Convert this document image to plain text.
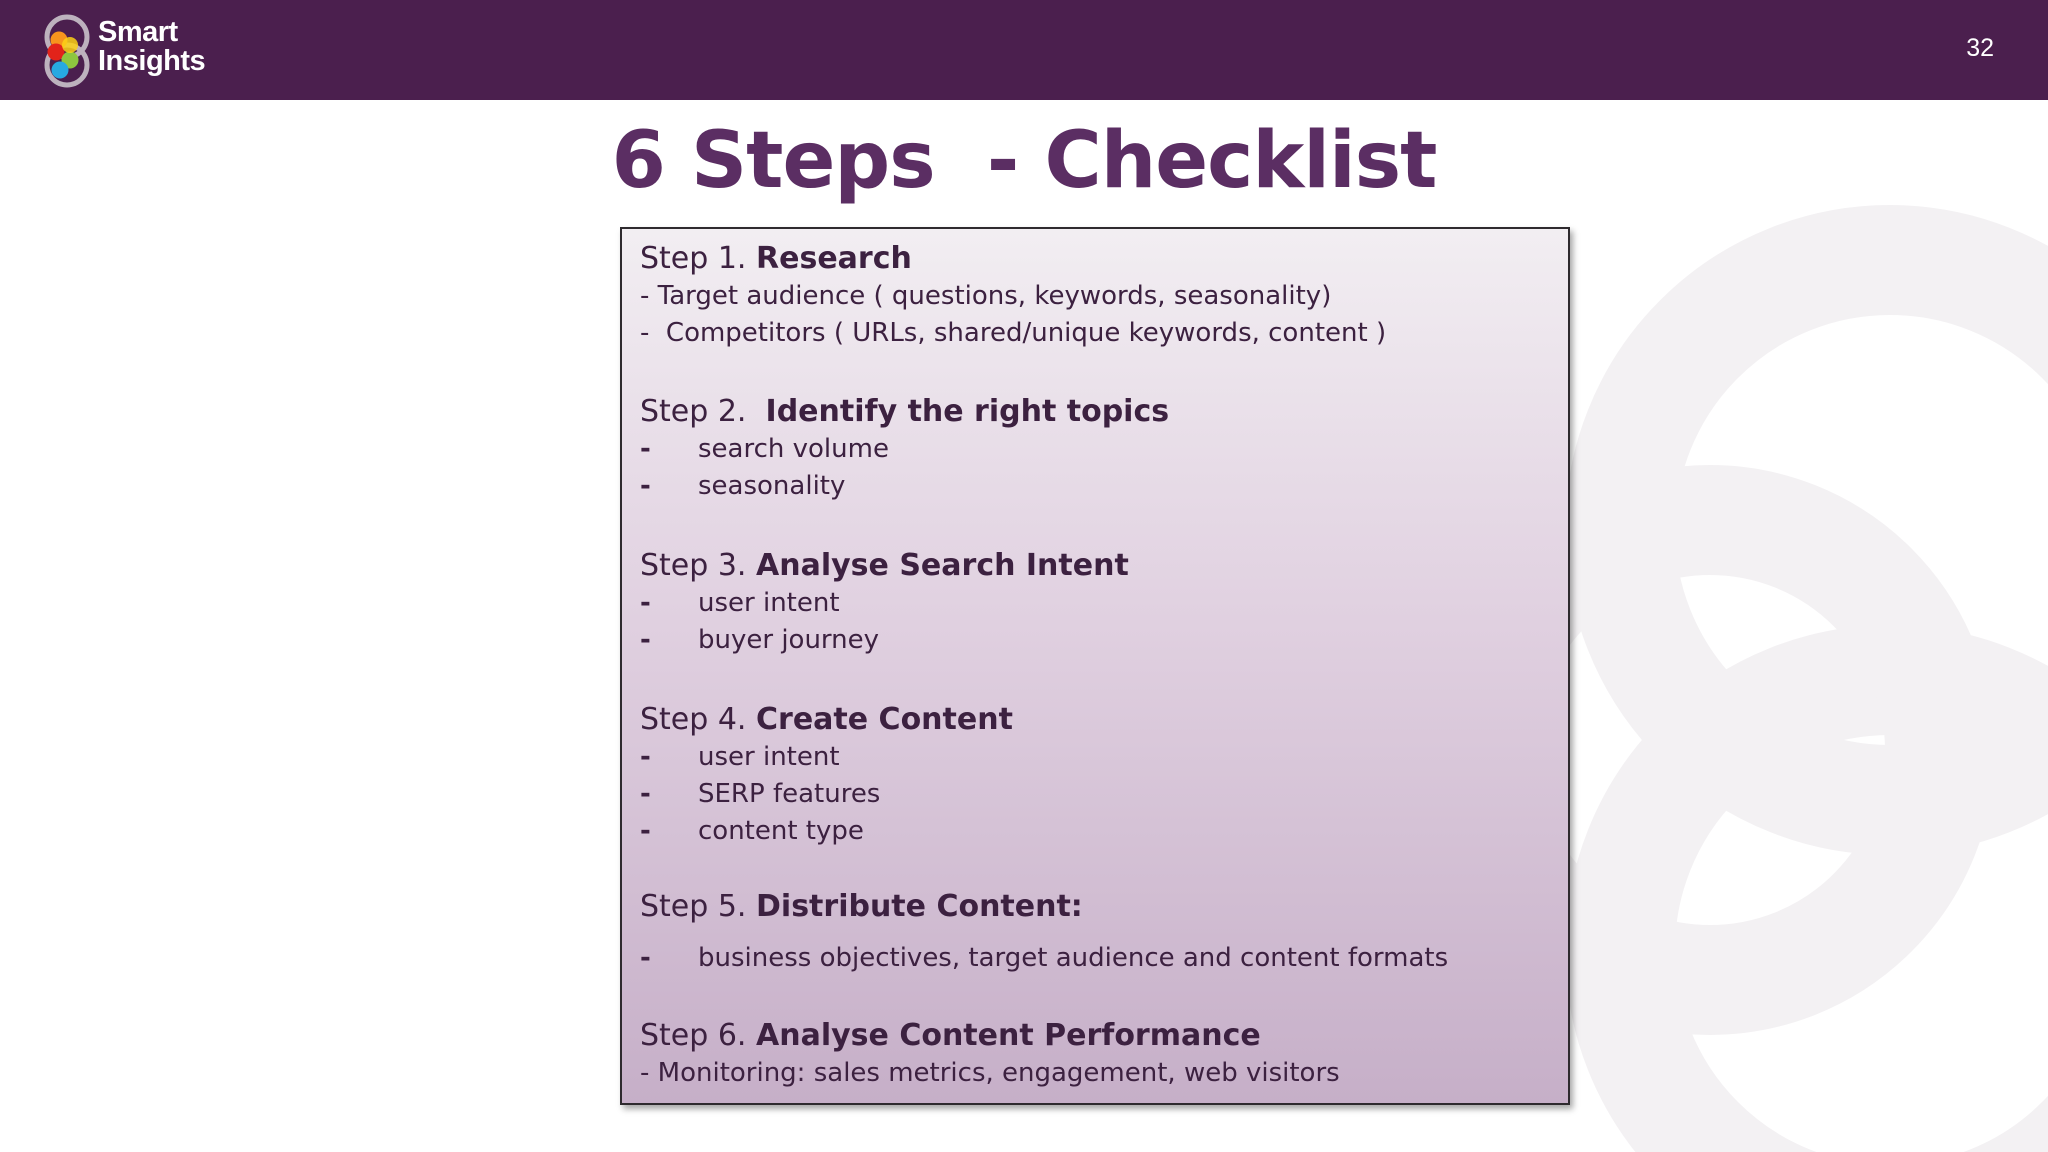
Smart
Insights	32
6 Steps  - Checklist
Step 1. Research
- Target audience ( questions, keywords, seasonality)
-  Competitors ( URLs, shared/unique keywords, content )
Step 2.  Identify the right topics
- search volume
- seasonality
Step 3. Analyse Search Intent
- user intent
- buyer journey
Step 4. Create Content
- user intent
- SERP features
- content type
Step 5. Distribute Content:
- business objectives, target audience and content formats
Step 6. Analyse Content Performance
- Monitoring: sales metrics, engagement, web visitors
